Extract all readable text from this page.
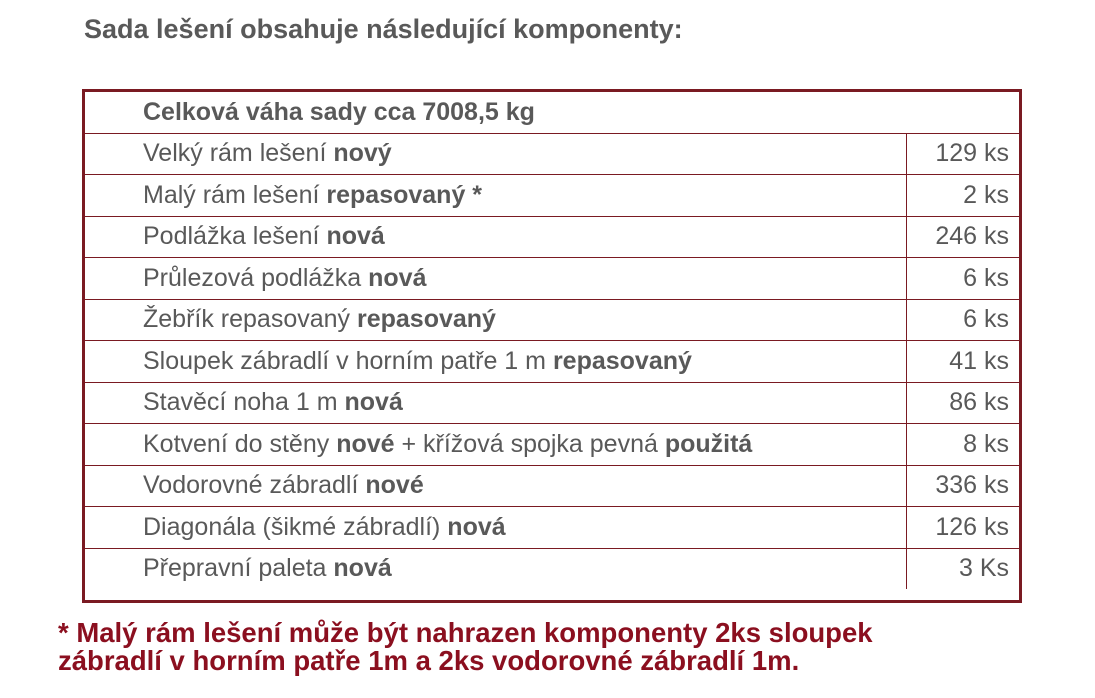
Sada lešení obsahuje následující komponenty:
Celková váha sady cca 7008,5 kg	
Velký rám lešení nový	129 ks
Malý rám lešení repasovaný *	2 ks
Podlážka lešení nová	246 ks
Průlezová podlážka nová	6 ks
Žebřík repasovaný repasovaný	6 ks
Sloupek zábradlí v horním patře 1 m repasovaný	41 ks
Stavěcí noha 1 m nová	86 ks
Kotvení do stěny nové + křížová spojka pevná použitá	8 ks
Vodorovné zábradlí nové	336 ks
Diagonála (šikmé zábradlí) nová	126 ks
Přepravní paleta nová	3 Ks
* Malý rám lešení může být nahrazen komponenty 2ks sloupek
zábradlí v horním patře 1m a 2ks vodorovné zábradlí 1m.
